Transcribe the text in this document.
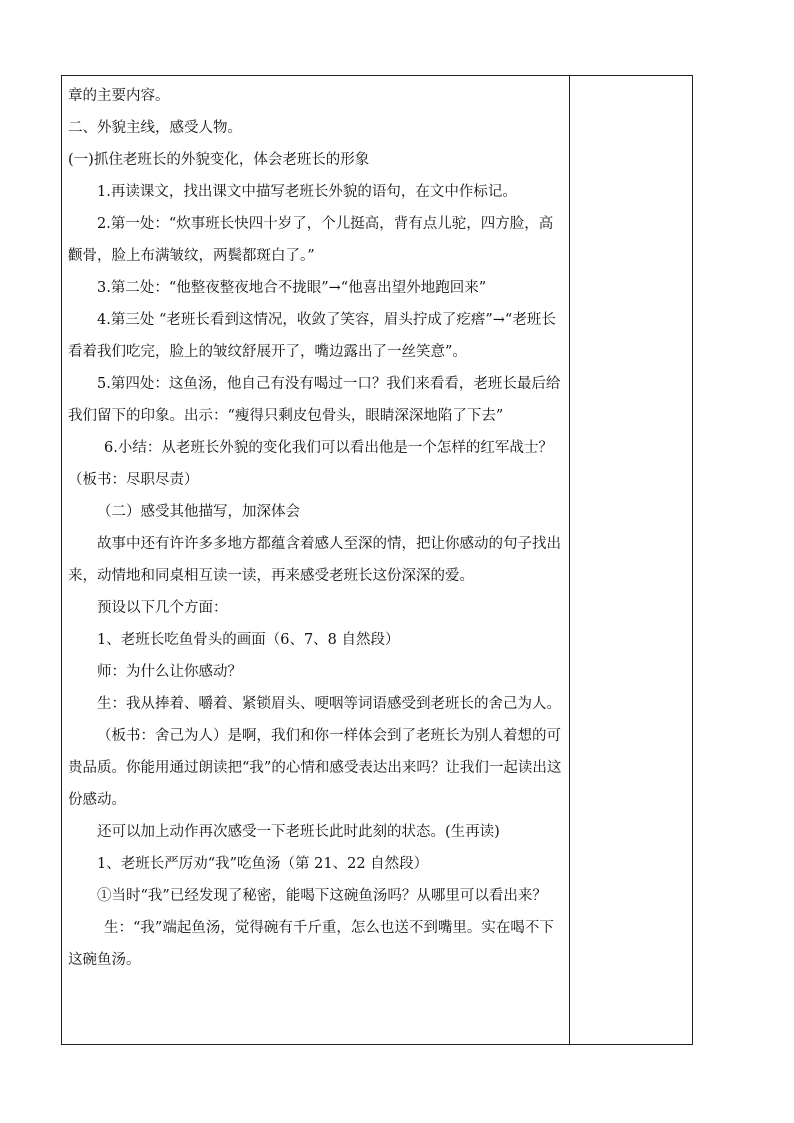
章的主要内容。

二、外貌主线，感受人物。

(一)抓住老班长的外貌变化，体会老班长的形象

1.再读课文，找出课文中描写老班长外貌的语句，在文中作标记。

2.第一处：“炊事班长快四十岁了，个儿挺高，背有点儿驼，四方脸，高颧骨，脸上布满皱纹，两鬓都斑白了。”

3.第二处：“他整夜整夜地合不拢眼”→“他喜出望外地跑回来”

4.第三处 “老班长看到这情况，收敛了笑容，眉头拧成了疙瘩”→“老班长看着我们吃完，脸上的皱纹舒展开了，嘴边露出了一丝笑意”。

5.第四处：这鱼汤，他自己有没有喝过一口？我们来看看，老班长最后给我们留下的印象。出示：“瘦得只剩皮包骨头，眼睛深深地陷了下去”

6.小结：从老班长外貌的变化我们可以看出他是一个怎样的红军战士？（板书：尽职尽责）

（二）感受其他描写，加深体会

故事中还有许许多多地方都蕴含着感人至深的情，把让你感动的句子找出来，动情地和同桌相互读一读，再来感受老班长这份深深的爱。

预设以下几个方面：

1、老班长吃鱼骨头的画面（6、7、8 自然段）

师：为什么让你感动？

生：我从捧着、嚼着、紧锁眉头、哽咽等词语感受到老班长的舍己为人。

（板书：舍己为人）是啊，我们和你一样体会到了老班长为别人着想的可贵品质。你能用通过朗读把“我”的心情和感受表达出来吗？让我们一起读出这份感动。

还可以加上动作再次感受一下老班长此时此刻的状态。(生再读)

1、老班长严厉劝“我”吃鱼汤（第 21、22 自然段）

①当时“我”已经发现了秘密，能喝下这碗鱼汤吗？从哪里可以看出来？

生：“我”端起鱼汤，觉得碗有千斤重，怎么也送不到嘴里。实在喝不下这碗鱼汤。
